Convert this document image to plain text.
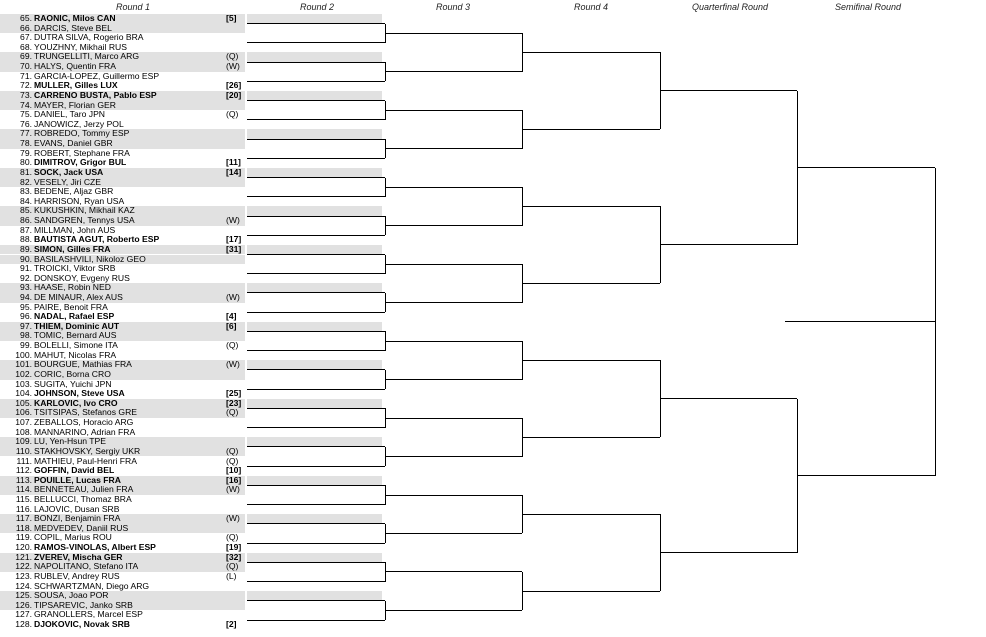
Round 1	Round 2	Round 3	Round 4	Quarterfinal Round	Semifinal Round
65. RAONIC, Milos CAN	[5]
66. DARCIS, Steve BEL
67. DUTRA SILVA, Rogerio BRA
68. YOUZHNY, Mikhail RUS
69. TRUNGELLITI, Marco ARG	(Q)
70. HALYS, Quentin FRA	(W)
71. GARCIA-LOPEZ, Guillermo ESP
72. MULLER, Gilles LUX	[26]
73. CARRENO BUSTA, Pablo ESP	[20]
74. MAYER, Florian GER
75. DANIEL, Taro JPN	(Q)
76. JANOWICZ, Jerzy POL
77. ROBREDO, Tommy ESP
78. EVANS, Daniel GBR
79. ROBERT, Stephane FRA
80. DIMITROV, Grigor BUL	[11]
81. SOCK, Jack USA	[14]
82. VESELY, Jiri CZE
83. BEDENE, Aljaz GBR
84. HARRISON, Ryan USA
85. KUKUSHKIN, Mikhail KAZ
86. SANDGREN, Tennys USA	(W)
87. MILLMAN, John AUS
88. BAUTISTA AGUT, Roberto ESP	[17]
89. SIMON, Gilles FRA	[31]
90. BASILASHVILI, Nikoloz GEO
91. TROICKI, Viktor SRB
92. DONSKOY, Evgeny RUS
93. HAASE, Robin NED
94. DE MINAUR, Alex AUS	(W)
95. PAIRE, Benoit FRA
96. NADAL, Rafael ESP	[4]
97. THIEM, Dominic AUT	[6]
98. TOMIC, Bernard AUS
99. BOLELLI, Simone ITA	(Q)
100. MAHUT, Nicolas FRA
101. BOURGUE, Mathias FRA	(W)
102. CORIC, Borna CRO
103. SUGITA, Yuichi JPN
104. JOHNSON, Steve USA	[25]
105. KARLOVIC, Ivo CRO	[23]
106. TSITSIPAS, Stefanos GRE	(Q)
107. ZEBALLOS, Horacio ARG
108. MANNARINO, Adrian FRA
109. LU, Yen-Hsun TPE
110. STAKHOVSKY, Sergiy UKR	(Q)
111. MATHIEU, Paul-Henri FRA	(Q)
112. GOFFIN, David BEL	[10]
113. POUILLE, Lucas FRA	[16]
114. BENNETEAU, Julien FRA	(W)
115. BELLUCCI, Thomaz BRA
116. LAJOVIC, Dusan SRB
117. BONZI, Benjamin FRA	(W)
118. MEDVEDEV, Daniil RUS
119. COPIL, Marius ROU	(Q)
120. RAMOS-VINOLAS, Albert ESP	[19]
121. ZVEREV, Mischa GER	[32]
122. NAPOLITANO, Stefano ITA	(Q)
123. RUBLEV, Andrey RUS	(L)
124. SCHWARTZMAN, Diego ARG
125. SOUSA, Joao POR
126. TIPSAREVIC, Janko SRB
127. GRANOLLERS, Marcel ESP
128. DJOKOVIC, Novak SRB	[2]
